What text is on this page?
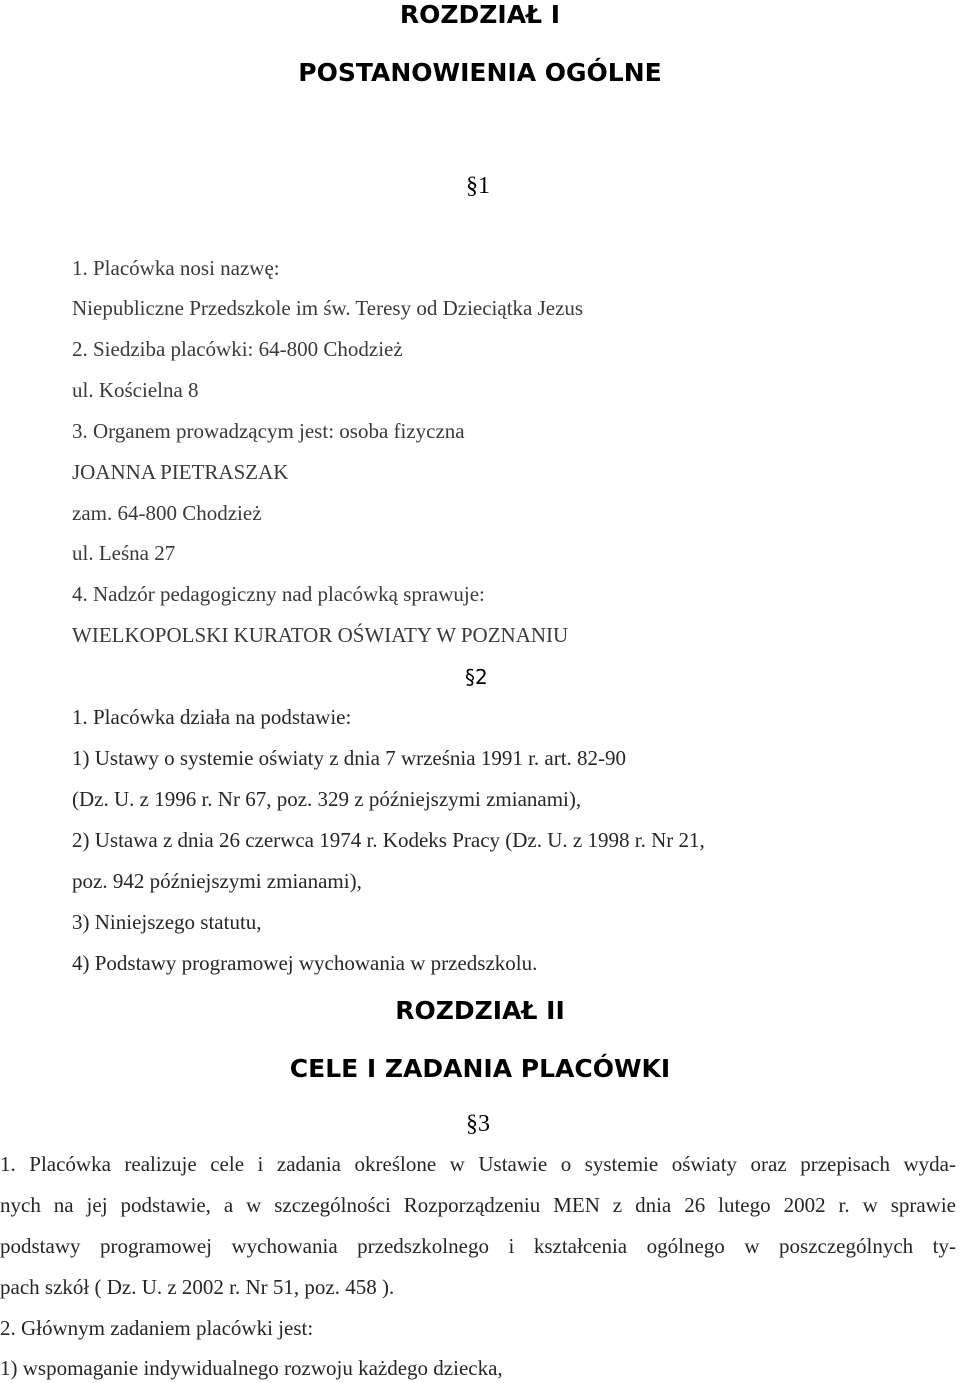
ROZDZIAŁ I
POSTANOWIENIA OGÓLNE
§1
1. Placówka nosi nazwę:
Niepubliczne Przedszkole im św. Teresy od Dzieciątka Jezus
2. Siedziba placówki: 64-800 Chodzież
ul. Kościelna 8
3. Organem prowadzącym jest: osoba fizyczna
JOANNA PIETRASZAK
zam. 64-800 Chodzież
ul. Leśna 27
4. Nadzór pedagogiczny nad placówką sprawuje:
WIELKOPOLSKI KURATOR OŚWIATY W POZNANIU
§2
1. Placówka działa na podstawie:
1) Ustawy o systemie oświaty z dnia 7 września 1991 r. art. 82-90
(Dz. U. z 1996 r. Nr 67, poz. 329 z późniejszymi zmianami),
2) Ustawa z dnia 26 czerwca 1974 r. Kodeks Pracy (Dz. U. z 1998 r. Nr 21,
poz. 942 późniejszymi zmianami),
3) Niniejszego statutu,
4) Podstawy programowej wychowania w przedszkolu.
ROZDZIAŁ II
CELE I ZADANIA PLACÓWKI
§3
1. Placówka realizuje cele i zadania określone w Ustawie o systemie oświaty oraz przepisach wyda-
nych na jej podstawie, a w szczególności Rozporządzeniu MEN z dnia 26 lutego 2002 r. w sprawie
podstawy programowej wychowania przedszkolnego i kształcenia ogólnego w poszczególnych ty-
pach szkół ( Dz. U. z 2002 r. Nr 51, poz. 458 ).
2. Głównym zadaniem placówki jest:
1) wspomaganie indywidualnego rozwoju każdego dziecka,
